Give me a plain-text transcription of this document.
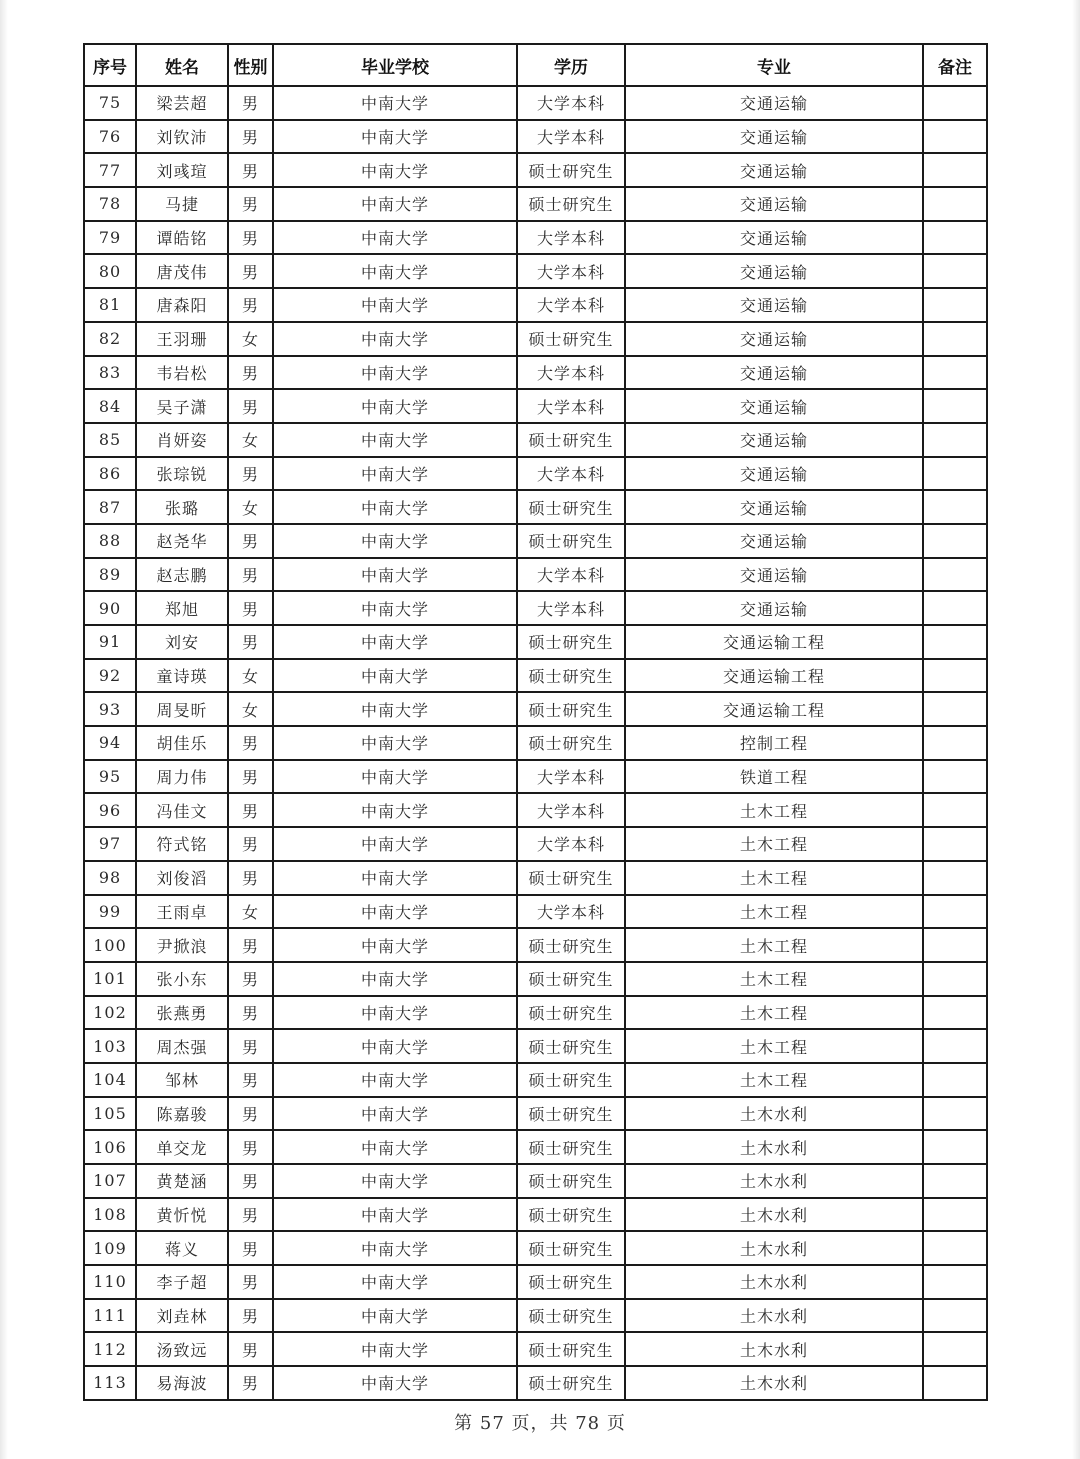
序号	姓名	性别	毕业学校	学历	专业	备注
75	梁芸超	男	中南大学	大学本科	交通运输	
76	刘钦沛	男	中南大学	大学本科	交通运输	
77	刘彧瑄	男	中南大学	硕士研究生	交通运输	
78	马捷	男	中南大学	硕士研究生	交通运输	
79	谭皓铭	男	中南大学	大学本科	交通运输	
80	唐茂伟	男	中南大学	大学本科	交通运输	
81	唐森阳	男	中南大学	大学本科	交通运输	
82	王羽珊	女	中南大学	硕士研究生	交通运输	
83	韦岩松	男	中南大学	大学本科	交通运输	
84	吴子潇	男	中南大学	大学本科	交通运输	
85	肖妍姿	女	中南大学	硕士研究生	交通运输	
86	张琮锐	男	中南大学	大学本科	交通运输	
87	张璐	女	中南大学	硕士研究生	交通运输	
88	赵尧华	男	中南大学	硕士研究生	交通运输	
89	赵志鹏	男	中南大学	大学本科	交通运输	
90	郑旭	男	中南大学	大学本科	交通运输	
91	刘安	男	中南大学	硕士研究生	交通运输工程	
92	童诗瑛	女	中南大学	硕士研究生	交通运输工程	
93	周旻昕	女	中南大学	硕士研究生	交通运输工程	
94	胡佳乐	男	中南大学	硕士研究生	控制工程	
95	周力伟	男	中南大学	大学本科	铁道工程	
96	冯佳文	男	中南大学	大学本科	土木工程	
97	符式铭	男	中南大学	大学本科	土木工程	
98	刘俊滔	男	中南大学	硕士研究生	土木工程	
99	王雨卓	女	中南大学	大学本科	土木工程	
100	尹掀浪	男	中南大学	硕士研究生	土木工程	
101	张小东	男	中南大学	硕士研究生	土木工程	
102	张燕勇	男	中南大学	硕士研究生	土木工程	
103	周杰强	男	中南大学	硕士研究生	土木工程	
104	邹林	男	中南大学	硕士研究生	土木工程	
105	陈嘉骏	男	中南大学	硕士研究生	土木水利	
106	单交龙	男	中南大学	硕士研究生	土木水利	
107	黄楚涵	男	中南大学	硕士研究生	土木水利	
108	黄忻悦	男	中南大学	硕士研究生	土木水利	
109	蒋义	男	中南大学	硕士研究生	土木水利	
110	李子超	男	中南大学	硕士研究生	土木水利	
111	刘垚林	男	中南大学	硕士研究生	土木水利	
112	汤致远	男	中南大学	硕士研究生	土木水利	
113	易海波	男	中南大学	硕士研究生	土木水利	
第 57 页，共 78 页
